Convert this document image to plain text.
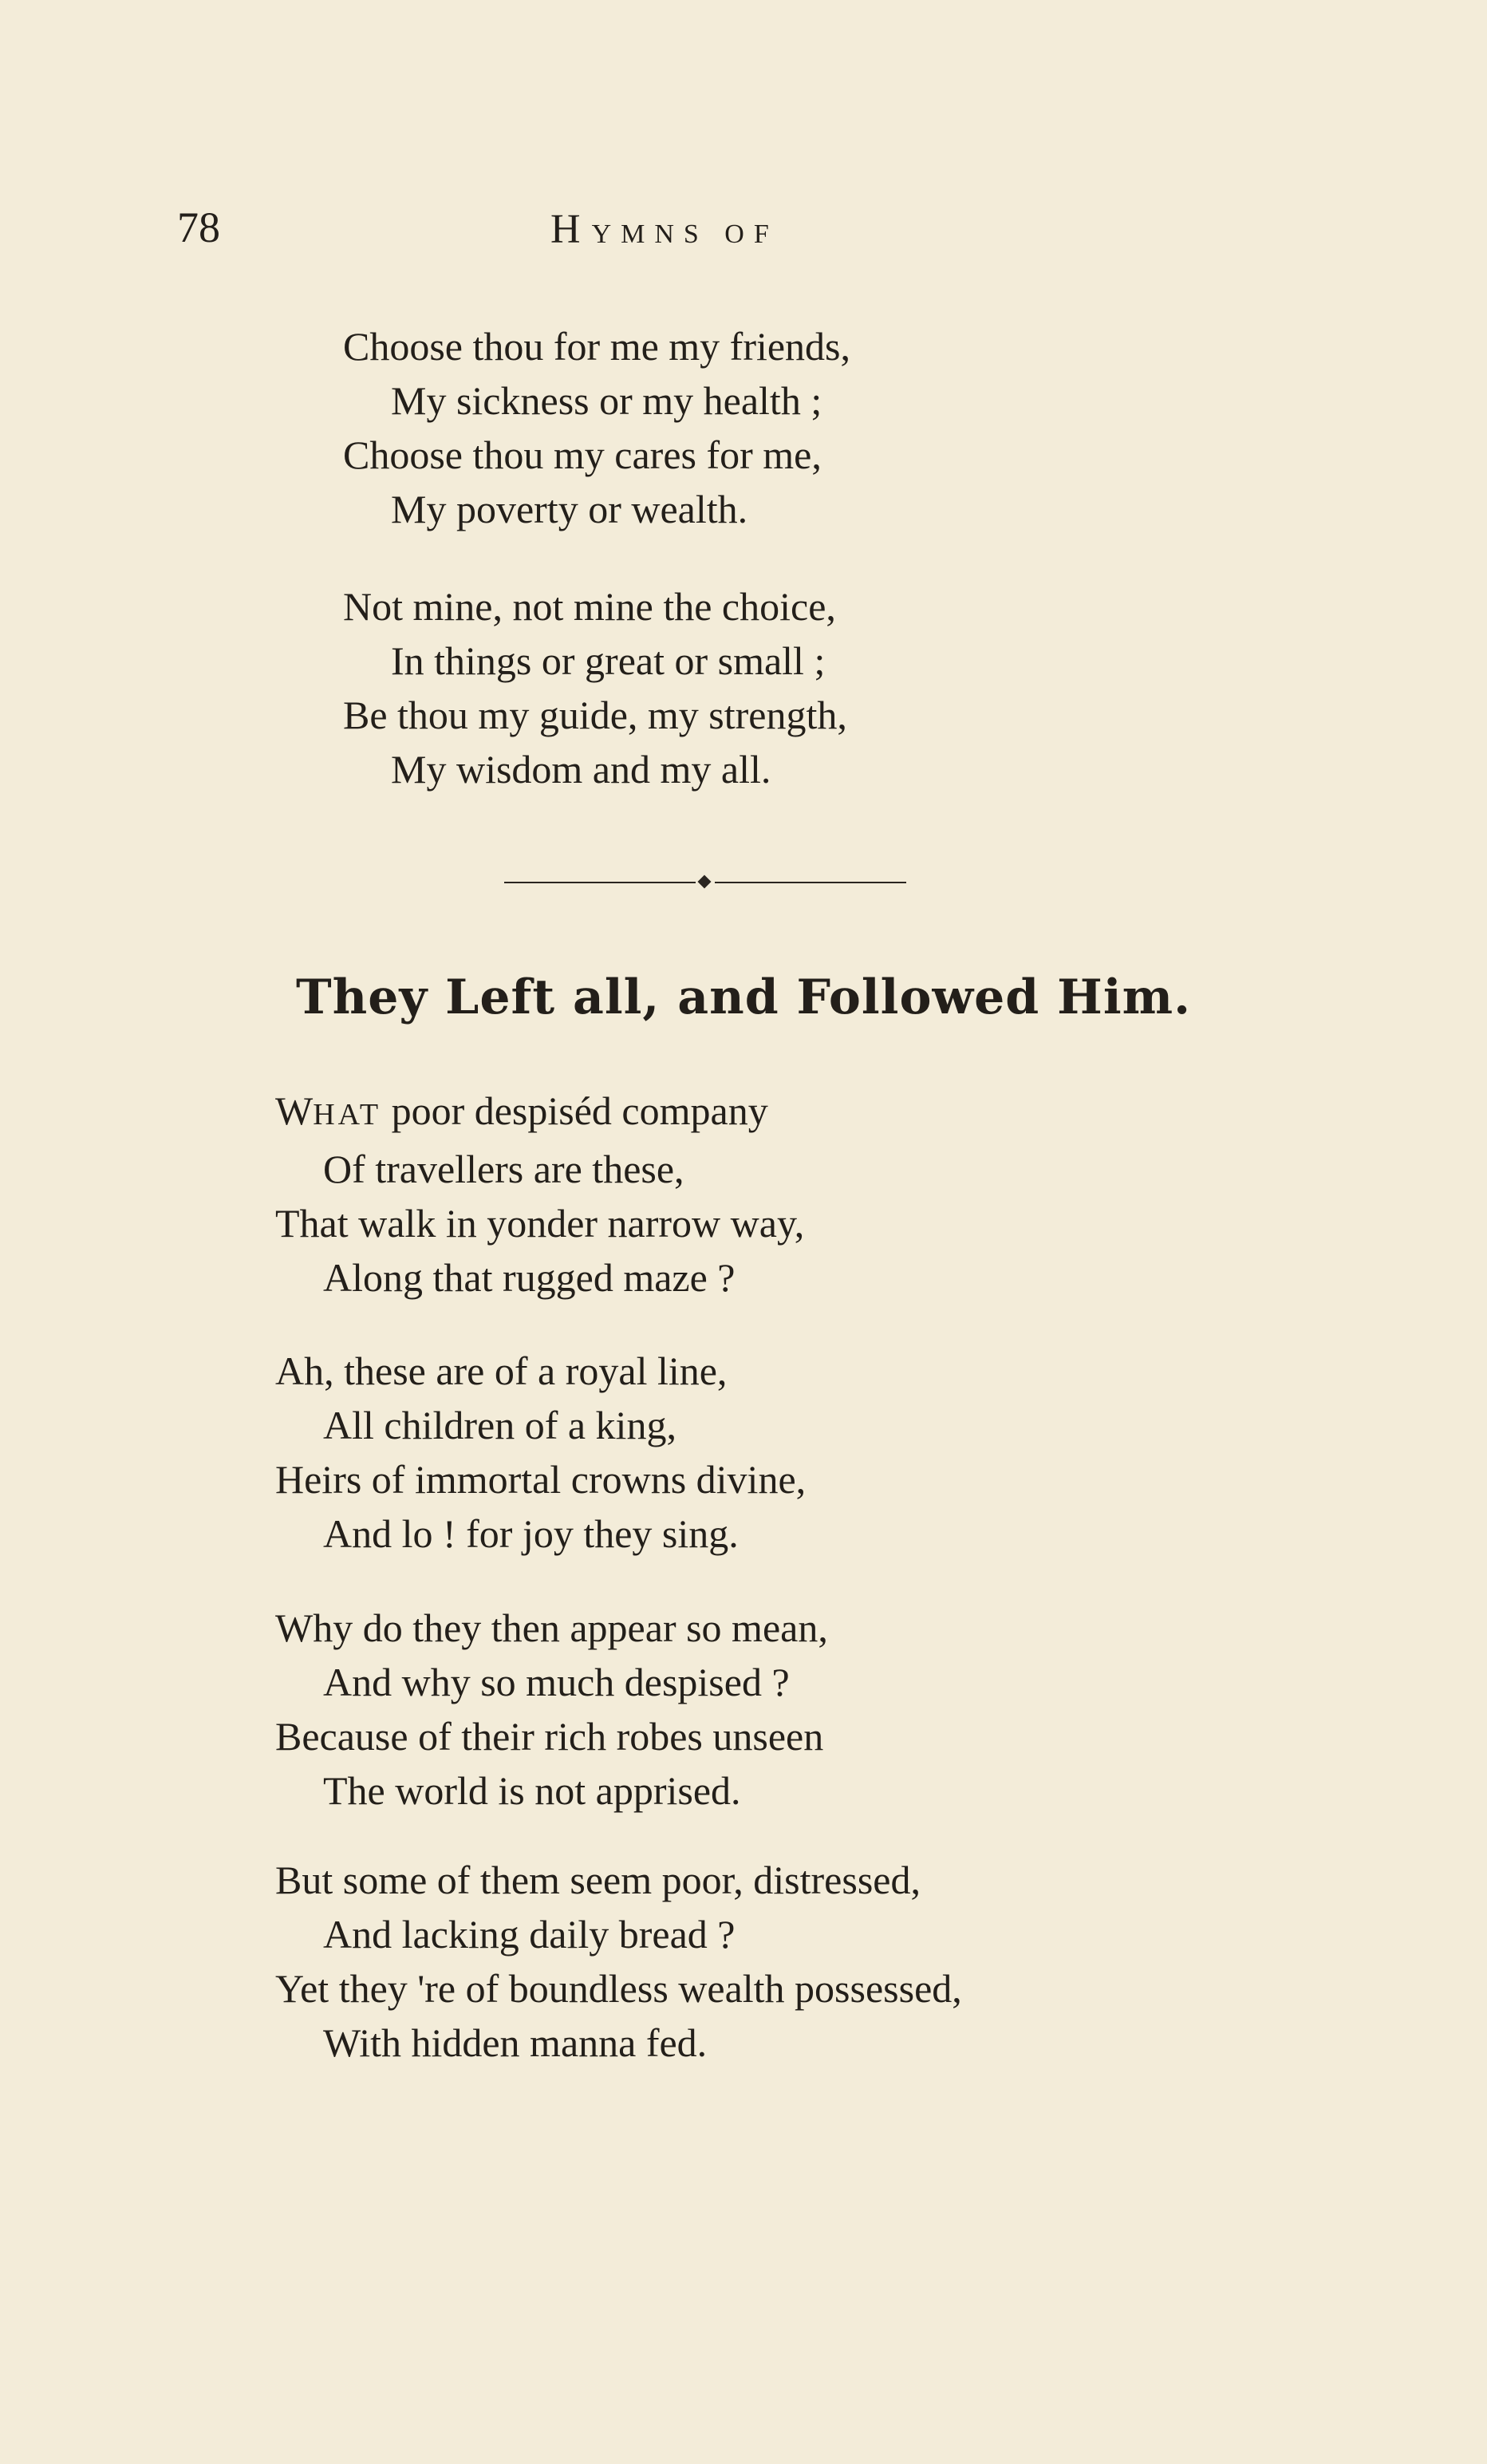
78	HYMNS OF
Choose thou for me my friends,
My sickness or my health ;
Choose thou my cares for me,
My poverty or wealth.
Not mine, not mine the choice,
In things or great or small ;
Be thou my guide, my strength,
My wisdom and my all.
They Left all, and Followed Him.
WHAT poor despiséd company
Of travellers are these,
That walk in yonder narrow way,
Along that rugged maze ?
Ah, these are of a royal line,
All children of a king,
Heirs of immortal crowns divine,
And lo ! for joy they sing.
Why do they then appear so mean,
And why so much despised ?
Because of their rich robes unseen
The world is not apprised.
But some of them seem poor, distressed,
And lacking daily bread ?
Yet they 're of boundless wealth possessed,
With hidden manna fed.
